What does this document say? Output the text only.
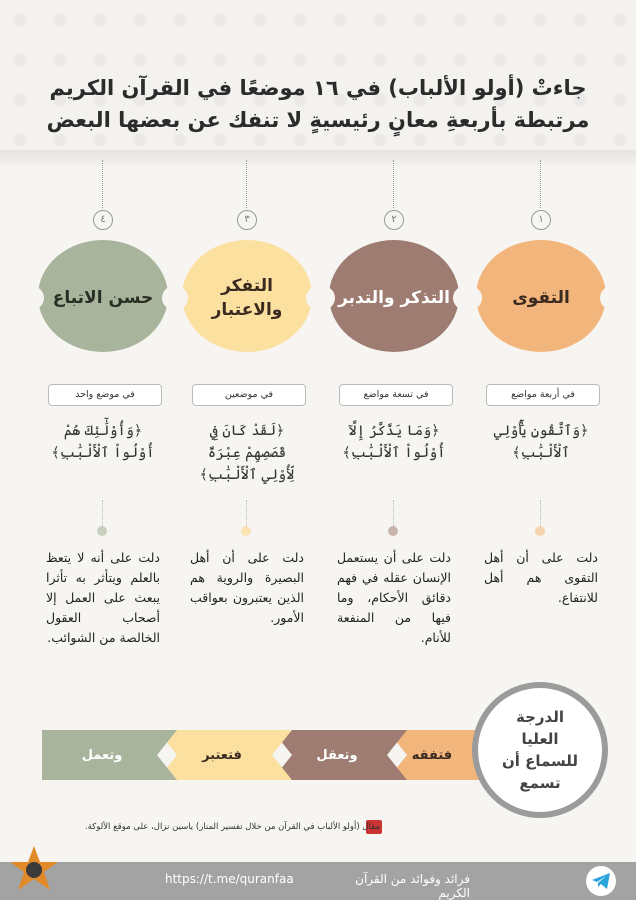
جاءتْ (أولو الألباب) في ١٦ موضعًا في القرآن الكريم
مرتبطة بأربعةِ معانٍ رئيسيةٍ لا تنفك عن بعضها البعض
١
التقوى
في أربعة مواضع
﴿وَٱتَّقُونِ يَٰٓأُوْلِي ٱلْأَلْبَٰبِ﴾
دلت على أن أهل التقوى هم أهل للانتفاع.
٢
التذكر والتدبر
في تسعة مواضع
﴿وَمَا يَذَّكَّرُ إِلَّآ أُوْلُواْ ٱلْأَلْبَٰبِ﴾
دلت على أن يستعمل الإنسان عقله في فهم دقائق الأحكام، وما فيها من المنفعة للأنام.
٣
التفكر والاعتبار
في موضعين
﴿لَقَدْ كَانَ فِي قَصَصِهِمْ عِبْرَةٌ لِّأُوْلِي ٱلْأَلْبَٰبِ﴾
دلت على أن أهل البصيرة والروية هم الذين يعتبرون بعواقب الأمور.
٤
حسن الاتباع
في موضع واحد
﴿وَأُوْلَٰٓئِكَ هُمْ أُوْلُواْ ٱلْأَلْبَٰبِ﴾
دلت على أنه لا يتعظ بالعلم ويتأثر به تأثرا يبعث على العمل إلا أصحاب العقول الخالصة من الشوائب.
فتفقه
وتعقل
فتعتبر
وتعمل
الدرجة العليا للسماع أن تسمع
مقال (أولو الألباب في القرآن من خلال تفسير المنار) ياسين نزال، على موقع الألوكة.
https://t.me/quranfaa	فرائد وفوائد من القرآن الكريم
